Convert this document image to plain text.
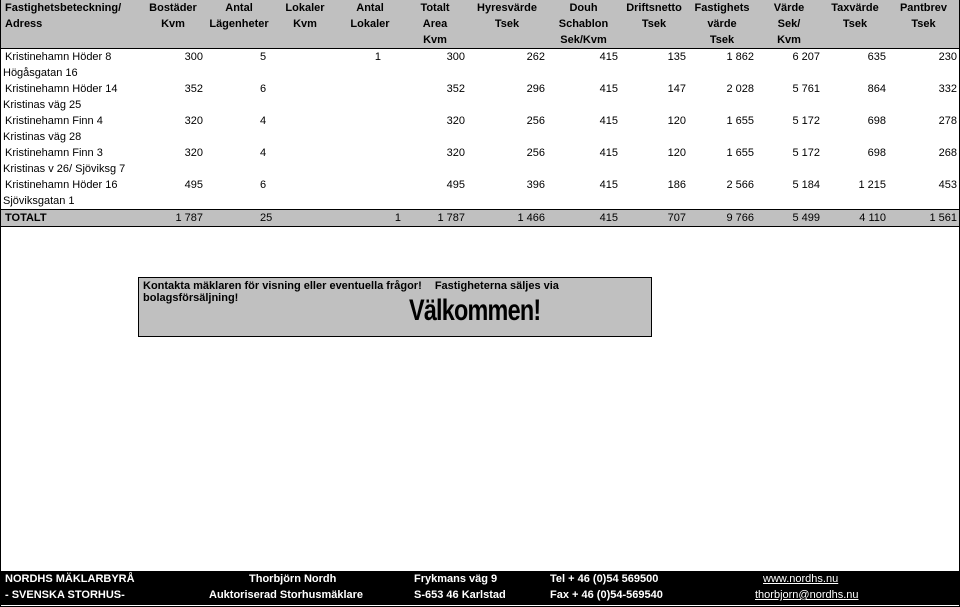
Fastighetsbeteckning/	Bostäder	Antal	Lokaler	Antal	Totalt	Hyresvärde	Douh	Driftsnetto	Fastighets	Värde	Taxvärde	Pantbrev
Adress	Kvm	Lägenheter	Kvm	Lokaler	Area	Tsek	Schablon	Tsek	värde	Sek/	Tsek	Tsek
					Kvm		Sek/Kvm		Tsek	Kvm		
Kristinehamn Höder 8	300	5		1	300	262	415	135	1 862	6 207	635	230
Högåsgatan 16												
Kristinehamn Höder 14	352	6			352	296	415	147	2 028	5 761	864	332
Kristinas väg 25												
Kristinehamn Finn 4	320	4			320	256	415	120	1 655	5 172	698	278
Kristinas väg 28												
Kristinehamn Finn 3	320	4			320	256	415	120	1 655	5 172	698	268
Kristinas v 26/ Sjöviksg 7												
Kristinehamn Höder 16	495	6			495	396	415	186	2 566	5 184	1 215	453
Sjöviksgatan 1												
TOTALT	1 787	25		1	1 787	1 466	415	707	9 766	5 499	4 110	1 561
Kontakta mäklaren för visning eller eventuella frågor! Fastigheterna säljes via bolagsförsäljning!	Välkommen!
NORDHS MÄKLARBYRÅ	Thorbjörn Nordh	Frykmans väg 9	Tel + 46 (0)54 569500	www.nordhs.nu
- SVENSKA STORHUS-	Auktoriserad Storhusmäklare	S-653 46 Karlstad	Fax + 46 (0)54-569540	thorbjorn@nordhs.nu
